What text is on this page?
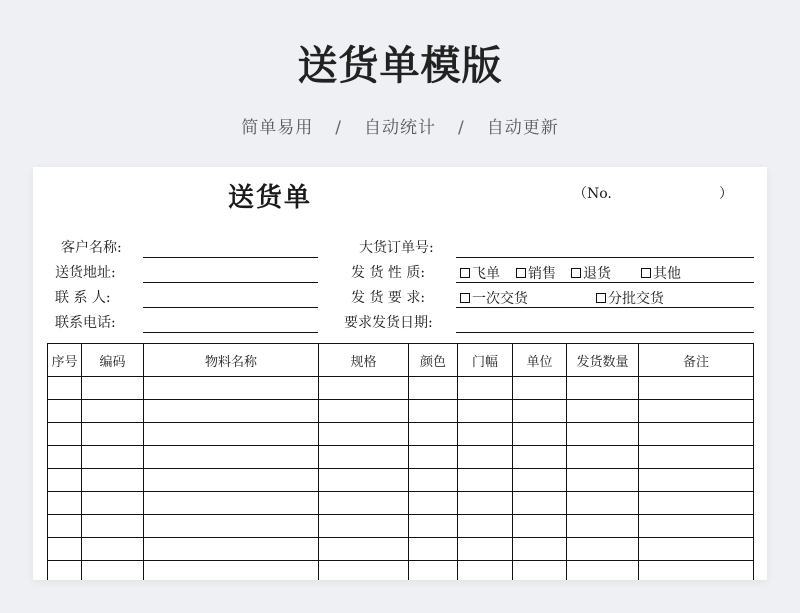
送货单模版
简单易用 / 自动统计 / 自动更新
送货单	（No.	）
客户名称:
送货地址:
联 系 人:
联系电话:
大货订单号:
发 货 性 质:	飞单 销售 退货	其他
发 货 要 求:	一次交货	分批交货
要求发货日期:
序号	编码	物料名称	规格	颜色	门幅	单位	发货数量	备注
